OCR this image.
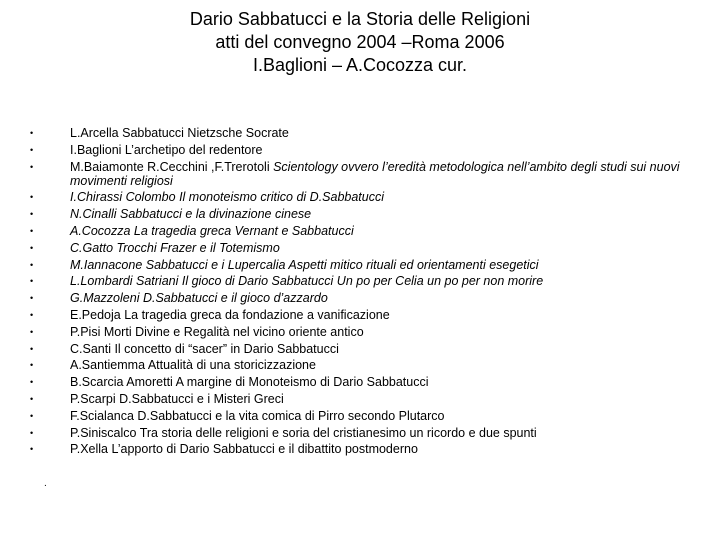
Dario Sabbatucci e la Storia delle Religioni
atti del convegno 2004 –Roma 2006
I.Baglioni – A.Cocozza cur.
•	L.Arcella Sabbatucci Nietzsche Socrate
•	I.Baglioni L’archetipo del redentore
•	M.Baiamonte R.Cecchini ,F.Trerotoli Scientology ovvero l’eredità metodologica nell’ambito degli studi sui nuovi movimenti religiosi
•	I.Chirassi Colombo Il monoteismo critico di D.Sabbatucci
•	N.Cinalli Sabbatucci e la divinazione cinese
•	A.Cocozza La tragedia greca Vernant e Sabbatucci
•	C.Gatto Trocchi Frazer e il Totemismo
•	M.Iannacone Sabbatucci e i Lupercalia Aspetti mitico rituali ed orientamenti esegetici
•	L.Lombardi Satriani Il gioco di Dario Sabbatucci Un po per Celia un po per non morire
•	G.Mazzoleni D.Sabbatucci e il gioco d’azzardo
•	E.Pedoja La tragedia greca da fondazione a vanificazione
•	P.Pisi Morti Divine e Regalità nel vicino oriente antico
•	C.Santi Il concetto di “sacer” in Dario Sabbatucci
•	A.Santiemma Attualità di una storicizzazione
•	B.Scarcia Amoretti A margine di Monoteismo di Dario Sabbatucci
•	P.Scarpi D.Sabbatucci e i Misteri Greci
•	F.Scialanca D.Sabbatucci e la vita comica di Pirro secondo Plutarco
•	P.Siniscalco Tra storia delle religioni e soria del cristianesimo un ricordo e due spunti
•	P.Xella L’apporto di Dario Sabbatucci e il dibattito postmoderno
.
